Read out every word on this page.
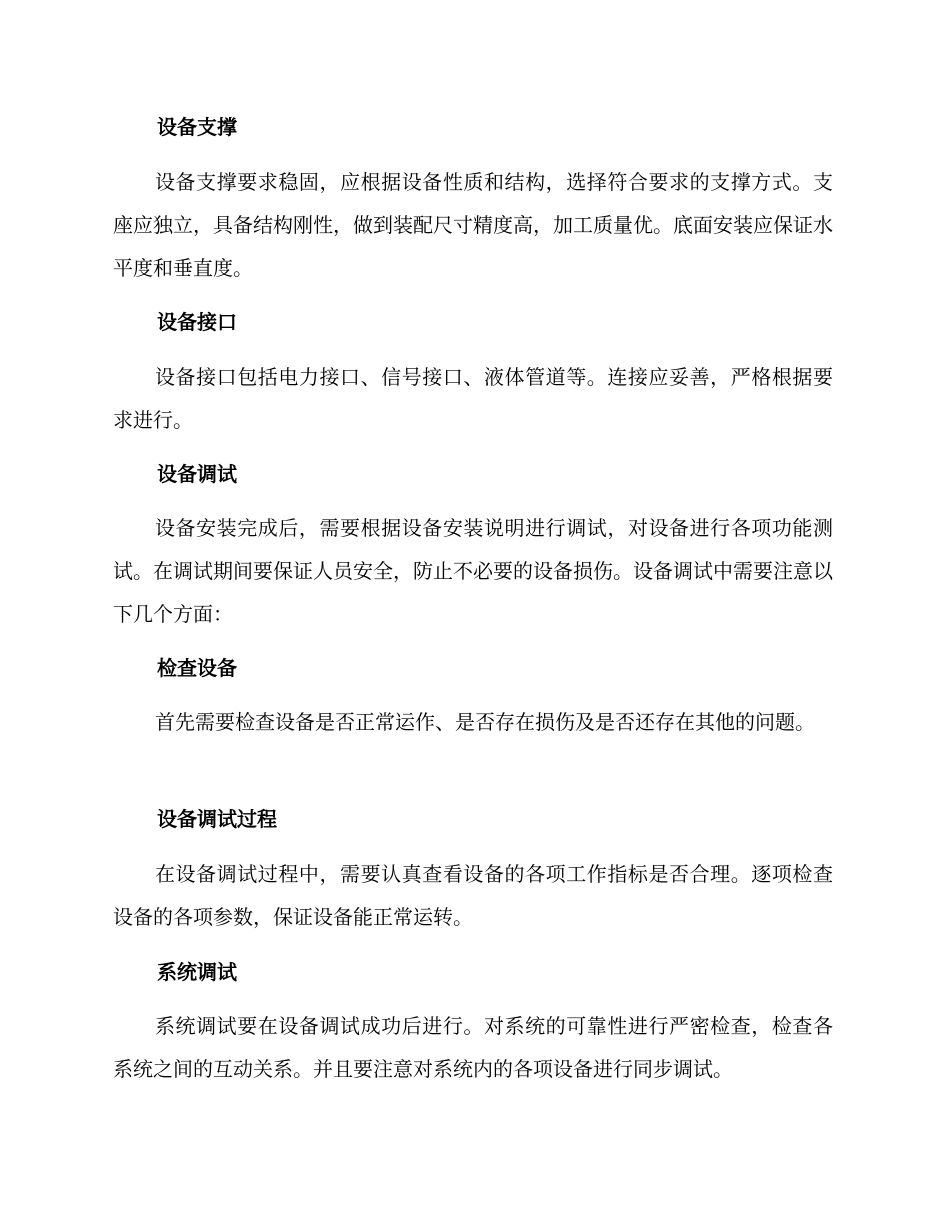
设备支撑
设备支撑要求稳固，应根据设备性质和结构，选择符合要求的支撑方式。支座应独立，具备结构刚性，做到装配尺寸精度高，加工质量优。底面安装应保证水平度和垂直度。
设备接口
设备接口包括电力接口、信号接口、液体管道等。连接应妥善，严格根据要求进行。
设备调试
设备安装完成后，需要根据设备安装说明进行调试，对设备进行各项功能测试。在调试期间要保证人员安全，防止不必要的设备损伤。设备调试中需要注意以下几个方面：
检查设备
首先需要检查设备是否正常运作、是否存在损伤及是否还存在其他的问题。
设备调试过程
在设备调试过程中，需要认真查看设备的各项工作指标是否合理。逐项检查设备的各项参数，保证设备能正常运转。
系统调试
系统调试要在设备调试成功后进行。对系统的可靠性进行严密检查，检查各系统之间的互动关系。并且要注意对系统内的各项设备进行同步调试。
